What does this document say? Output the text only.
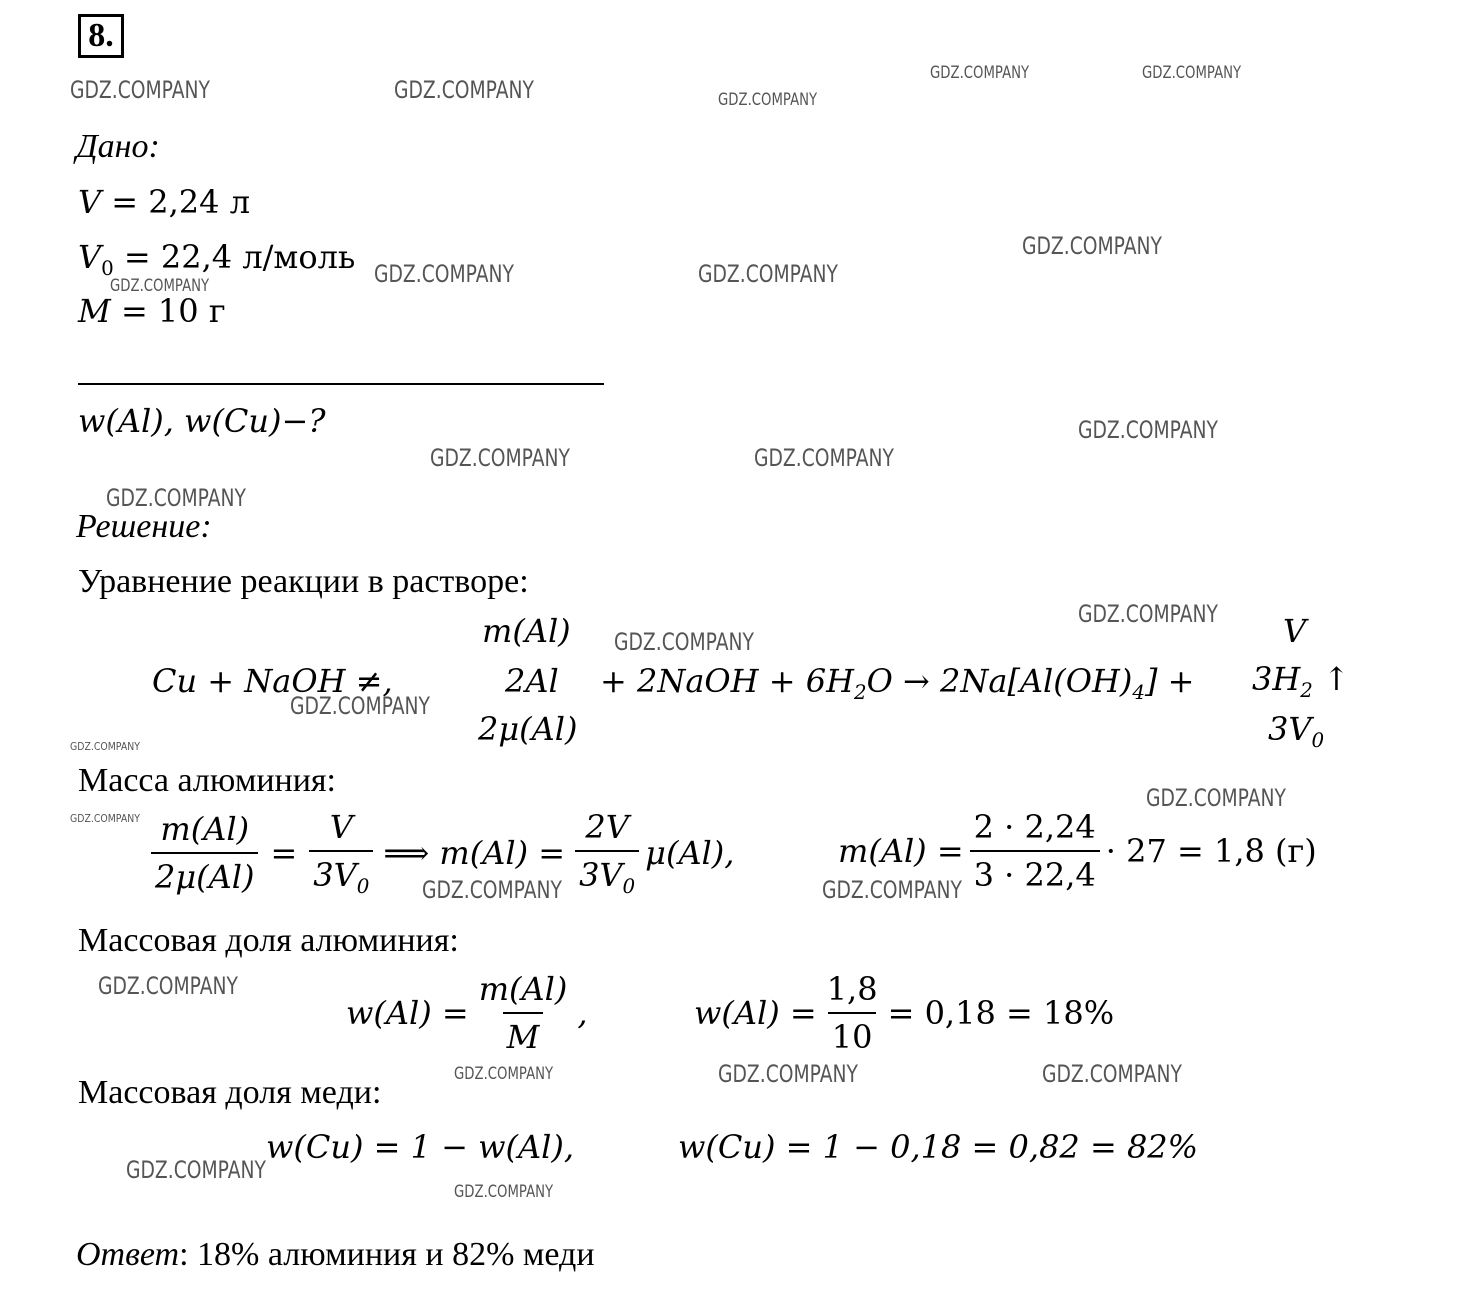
8.
Дано:
V = 2,24 л
$V_0 = 22,4$ л/моль
M = 10 г
w(Al), w(Cu)−?
Решение:
Уравнение реакции в растворе:
Cu + NaOH ≠,
m(Al)
2Al
2μ(Al)
+ 2NaOH + $6H_2O \to 2Na[Al(OH)_4]$ +
V
$3H_2$ ↑
$3V_0$
Масса алюминия:
$\frac{m(Al)}{2\mu(Al)} = \frac{V}{3V_0}$ ⟹ $m(Al) = \frac{2V}{3V_0} \mu(Al)$,	$m(Al) = \frac{2 \cdot 2,24}{3 \cdot 22,4} \cdot 27 = 1,8$ (г)
Массовая доля алюминия:
$w(Al) = \frac{m(Al)}{M}$ ,	$w(Al) = \frac{1,8}{10} = 0,18 = 18\%$
Массовая доля меди:
w(Cu) = 1 − w(Al),	w(Cu) = 1 − 0,18 = 0,82 = 82%
Ответ: 18% алюминия и 82% меди
GDZ.COMPANY	GDZ.COMPANY	GDZ.COMPANY
GDZ.COMPANY	GDZ.COMPANY
GDZ.COMPANY
GDZ.COMPANY	GDZ.COMPANY	GDZ.COMPANY
GDZ.COMPANY
GDZ.COMPANY	GDZ.COMPANY
GDZ.COMPANY
GDZ.COMPANY
GDZ.COMPANY
GDZ.COMPANY
GDZ.COMPANY
GDZ.COMPANY
GDZ.COMPANY
GDZ.COMPANY	GDZ.COMPANY
GDZ.COMPANY
GDZ.COMPANY	GDZ.COMPANY	GDZ.COMPANY
GDZ.COMPANY
GDZ.COMPANY
